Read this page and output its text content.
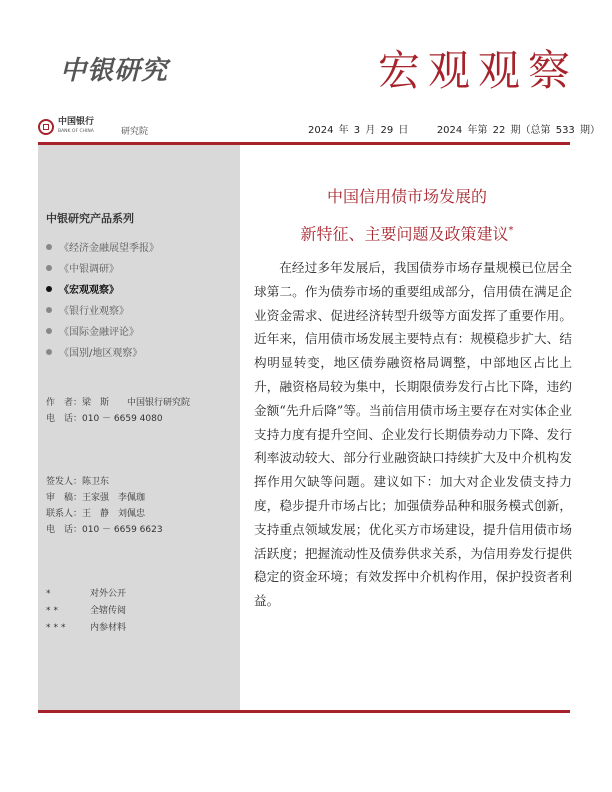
中银研究	宏观观察
中国银行
BANK OF CHINA	研究院	2024 年 3 月 29 日	2024 年第 22 期（总第 533 期）
中银研究产品系列
《经济金融展望季报》
《中银调研》
《宏观观察》
《银行业观察》
《国际金融评论》
《国别/地区观察》
作　者：梁　斯　　中国银行研究院
电　话：010 － 6659 4080
签发人：陈卫东
审　稿：王家强　李佩珈
联系人：王　静　刘佩忠
电　话：010 － 6659 6623
*	对外公开
**	全辖传阅
*** 内参材料
中国信用债市场发展的
新特征、主要问题及政策建议*

在经过多年发展后，我国债券市场存量规模已位居全球第二。作为债券市场的重要组成部分，信用债在满足企业资金需求、促进经济转型升级等方面发挥了重要作用。近年来，信用债市场发展主要特点有：规模稳步扩大、结构明显转变，地区债券融资格局调整，中部地区占比上升，融资格局较为集中，长期限债券发行占比下降，违约金额“先升后降”等。当前信用债市场主要存在对实体企业支持力度有提升空间、企业发行长期债券动力下降、发行利率波动较大、部分行业融资缺口持续扩大及中介机构发挥作用欠缺等问题。建议如下：加大对企业发债支持力度，稳步提升市场占比；加强债券品种和服务模式创新，支持重点领域发展；优化买方市场建设，提升信用债市场活跃度；把握流动性及债券供求关系，为信用券发行提供稳定的资金环境；有效发挥中介机构作用，保护投资者利益。
